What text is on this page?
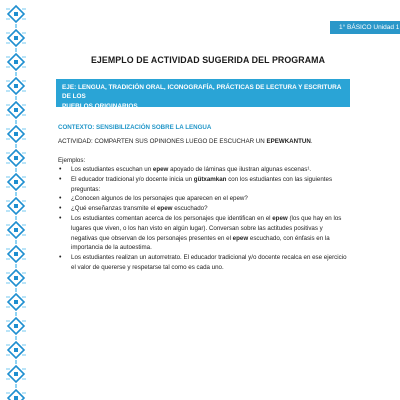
1° BÁSICO Unidad 1
EJEMPLO DE ACTIVIDAD SUGERIDA DEL PROGRAMA
EJE: LENGUA, TRADICIÓN ORAL, ICONOGRAFÍA, PRÁCTICAS DE LECTURA Y ESCRITURA DE LOS
PUEBLOS ORIGINARIOS
CONTEXTO: SENSIBILIZACIÓN SOBRE LA LENGUA
ACTIVIDAD: COMPARTEN SUS OPINIONES LUEGO DE ESCUCHAR UN EPEWKANTUN.
Ejemplos:
• Los estudiantes escuchan un epew apoyado de láminas que ilustran algunas escenas¹.
• El educador tradicional y/o docente inicia un gütxamkan con los estudiantes con las siguientes preguntas:
• ¿Conocen algunos de los personajes que aparecen en el epew?
• ¿Qué enseñanzas transmite el epew escuchado?
• Los estudiantes comentan acerca de los personajes que identifican en el epew (los que hay en los lugares que viven, o los han visto en algún lugar). Conversan sobre las actitudes positivas y negativas que observan de los personajes presentes en el epew escuchado, con énfasis en la importancia de la autoestima.
• Los estudiantes realizan un autorretrato. El educador tradicional y/o docente recalca en ese ejercicio el valor de quererse y respetarse tal como es cada uno.
